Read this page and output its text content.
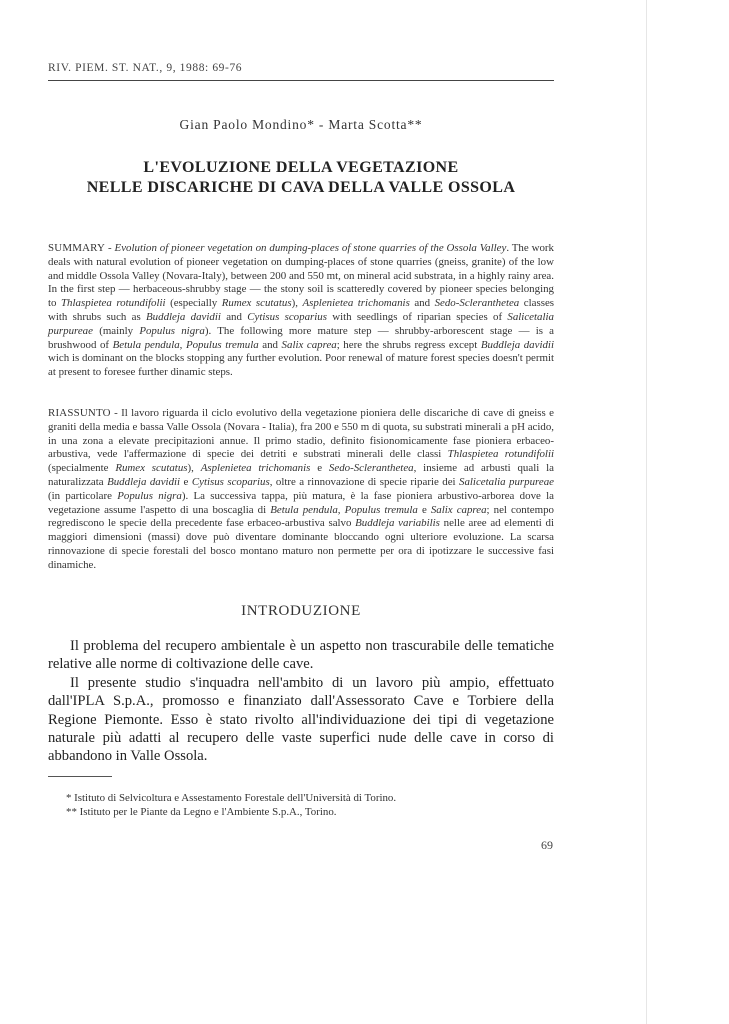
RIV. PIEM. ST. NAT., 9, 1988: 69-76
Gian Paolo Mondino* - Marta Scotta**
L'EVOLUZIONE DELLA VEGETAZIONE
NELLE DISCARICHE DI CAVA DELLA VALLE OSSOLA

SUMMARY - Evolution of pioneer vegetation on dumping-places of stone quarries of the Ossola Valley. The work deals with natural evolution of pioneer vegetation on dumping-places of stone quarries (gneiss, granite) of the low and middle Ossola Valley (Novara-Italy), between 200 and 550 mt, on mineral acid substrata, in a highly rainy area. In the first step — herbaceous-shrubby stage — the stony soil is scatteredly covered by pioneer species belonging to Thlaspietea rotundifolii (especially Rumex scutatus), Asplenietea trichomanis and Sedo-Scleranthetea classes with shrubs such as Buddleja davidii and Cytisus scoparius with seedlings of riparian species of Salicetalia purpureae (mainly Populus nigra). The following more mature step — shrubby-arborescent stage — is a brushwood of Betula pendula, Populus tremula and Salix caprea; here the shrubs regress except Buddleja davidii wich is dominant on the blocks stopping any further evolution. Poor renewal of mature forest species doesn't permit at present to foresee further dinamic steps.

RIASSUNTO - Il lavoro riguarda il ciclo evolutivo della vegetazione pioniera delle discariche di cave di gneiss e graniti della media e bassa Valle Ossola (Novara - Italia), fra 200 e 550 m di quota, su substrati minerali a pH acido, in una zona a elevate precipitazioni annue. Il primo stadio, definito fisionomicamente fase pioniera erbaceo-arbustiva, vede l'affermazione di specie dei detriti e substrati minerali delle classi Thlaspietea rotundifolii (specialmente Rumex scutatus), Asplenietea trichomanis e Sedo-Scleranthetea, insieme ad arbusti quali la naturalizzata Buddleja davidii e Cytisus scoparius, oltre a rinnovazione di specie riparie dei Salicetalia purpureae (in particolare Populus nigra). La successiva tappa, più matura, è la fase pioniera arbustivo-arborea dove la vegetazione assume l'aspetto di una boscaglia di Betula pendula, Populus tremula e Salix caprea; nel contempo regrediscono le specie della precedente fase erbaceo-arbustiva salvo Buddleja variabilis nelle aree ad elementi di maggiori dimensioni (massi) dove può diventare dominante bloccando ogni ulteriore evoluzione. La scarsa rinnovazione di specie forestali del bosco montano maturo non permette per ora di ipotizzare le successive fasi dinamiche.

INTRODUZIONE

Il problema del recupero ambientale è un aspetto non trascurabile delle tematiche relative alle norme di coltivazione delle cave.

Il presente studio s'inquadra nell'ambito di un lavoro più ampio, effettuato dall'IPLA S.p.A., promosso e finanziato dall'Assessorato Cave e Torbiere della Regione Piemonte. Esso è stato rivolto all'individuazione dei tipi di vegetazione naturale più adatti al recupero delle vaste superfici nude delle cave in corso di abbandono in Valle Ossola.

* Istituto di Selvicoltura e Assestamento Forestale dell'Università di Torino.
** Istituto per le Piante da Legno e l'Ambiente S.p.A., Torino.
69
